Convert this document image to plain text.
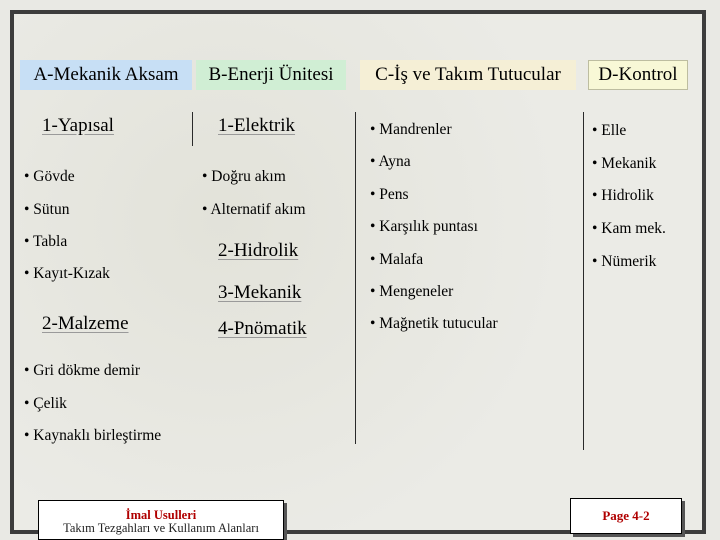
A-Mekanik Aksam	B-Enerji Ünitesi	C-İş ve Takım Tutucular	D-Kontrol
1-Yapısal
• Gövde
• Sütun
• Tabla
• Kayıt-Kızak
2-Malzeme
• Gri dökme demir
• Çelik
• Kaynaklı birleştirme
1-Elektrik
• Doğru akım
• Alternatif akım
2-Hidrolik
3-Mekanik
4-Pnömatik
• Mandrenler
• Ayna
• Pens
• Karşılık puntası
• Malafa
• Mengeneler
• Mağnetik tutucular
• Elle
• Mekanik
• Hidrolik
• Kam mek.
• Nümerik
İmal Usulleri
Takım Tezgahları ve Kullanım Alanları
Page 4-2
